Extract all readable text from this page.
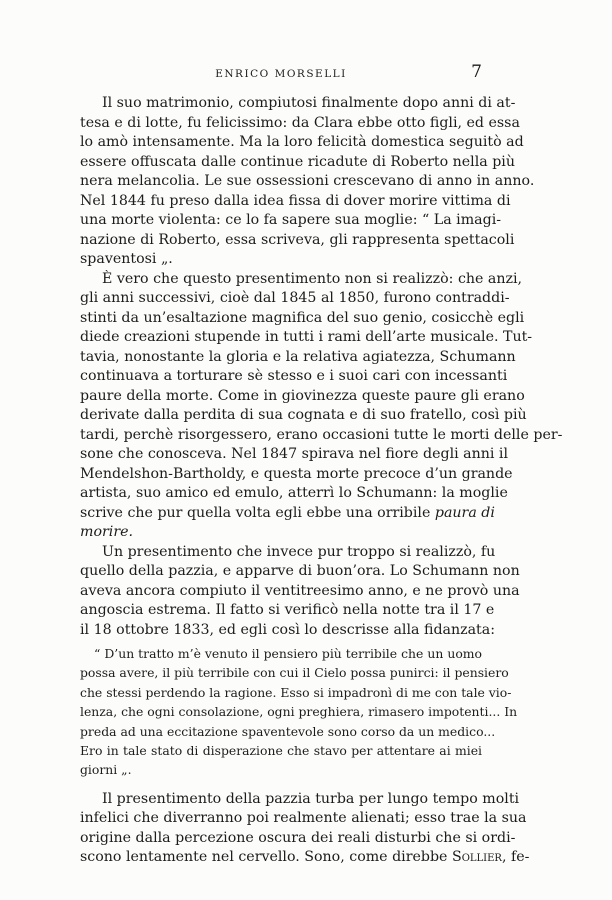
ENRICO MORSELLI	7
Il suo matrimonio, compiutosi finalmente dopo anni di at-
tesa e di lotte, fu felicissimo: da Clara ebbe otto figli, ed essa
lo amò intensamente. Ma la loro felicità domestica seguitò ad
essere offuscata dalle continue ricadute di Roberto nella più
nera melancolia. Le sue ossessioni crescevano di anno in anno.
Nel 1844 fu preso dalla idea fissa di dover morire vittima di
una morte violenta: ce lo fa sapere sua moglie: “ La imagi-
nazione di Roberto, essa scriveva, gli rappresenta spettacoli
spaventosi „.
È vero che questo presentimento non si realizzò: che anzi,
gli anni successivi, cioè dal 1845 al 1850, furono contraddi-
stinti da un’esaltazione magnifica del suo genio, cosicchè egli
diede creazioni stupende in tutti i rami dell’arte musicale. Tut-
tavia, nonostante la gloria e la relativa agiatezza, Schumann
continuava a torturare sè stesso e i suoi cari con incessanti
paure della morte. Come in giovinezza queste paure gli erano
derivate dalla perdita di sua cognata e di suo fratello, così più
tardi, perchè risorgessero, erano occasioni tutte le morti delle per-
sone che conosceva. Nel 1847 spirava nel fiore degli anni il
Mendelshon-Bartholdy, e questa morte precoce d’un grande
artista, suo amico ed emulo, atterrì lo Schumann: la moglie
scrive che pur quella volta egli ebbe una orribile paura di
morire.
Un presentimento che invece pur troppo si realizzò, fu
quello della pazzia, e apparve di buon’ora. Lo Schumann non
aveva ancora compiuto il ventitreesimo anno, e ne provò una
angoscia estrema. Il fatto si verificò nella notte tra il 17 e
il 18 ottobre 1833, ed egli così lo descrisse alla fidanzata:
“ D’un tratto m’è venuto il pensiero più terribile che un uomo
possa avere, il più terribile con cui il Cielo possa punirci: il pensiero
che stessi perdendo la ragione. Esso si impadronì di me con tale vio-
lenza, che ogni consolazione, ogni preghiera, rimasero impotenti... In
preda ad una eccitazione spaventevole sono corso da un medico...
Ero in tale stato di disperazione che stavo per attentare ai miei
giorni „.
Il presentimento della pazzia turba per lungo tempo molti
infelici che diverranno poi realmente alienati; esso trae la sua
origine dalla percezione oscura dei reali disturbi che si ordi-
scono lentamente nel cervello. Sono, come direbbe Sollier, fe-
